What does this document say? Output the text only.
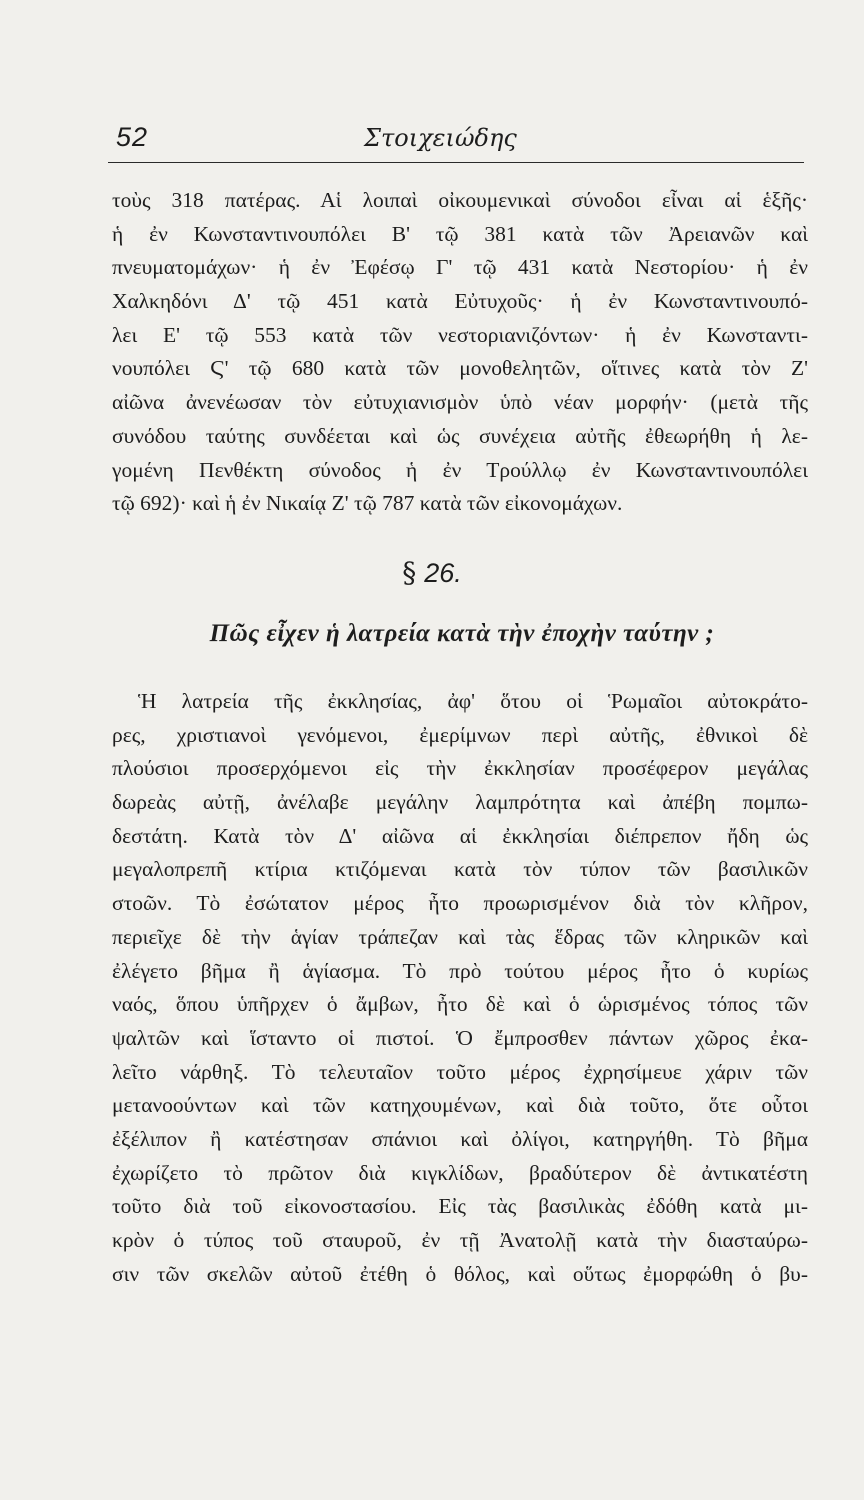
52	Στοιχειώδης
τοὺς 318 πατέρας. Αἱ λοιπαὶ οἰκουμενικαὶ σύνοδοι εἶναι αἱ ἑξῆς·
ἡ ἐν Κωνσταντινουπόλει Β' τῷ 381 κατὰ τῶν Ἀρειανῶν καὶ
πνευματομάχων· ἡ ἐν Ἐφέσῳ Γ' τῷ 431 κατὰ Νεστορίου· ἡ ἐν
Χαλκηδόνι Δ' τῷ 451 κατὰ Εὐτυχοῦς· ἡ ἐν Κωνσταντινουπό-
λει Ε' τῷ 553 κατὰ τῶν νεστοριανιζόντων· ἡ ἐν Κωνσταντι-
νουπόλει Ϛ' τῷ 680 κατὰ τῶν μονοθελητῶν, οἵτινες κατὰ τὸν Ζ'
αἰῶνα ἀνενέωσαν τὸν εὐτυχιανισμὸν ὑπὸ νέαν μορφήν· (μετὰ τῆς
συνόδου ταύτης συνδέεται καὶ ὡς συνέχεια αὐτῆς ἐθεωρήθη ἡ λε-
γομένη Πενθέκτη σύνοδος ἡ ἐν Τρούλλῳ ἐν Κωνσταντινουπόλει
τῷ 692)· καὶ ἡ ἐν Νικαίᾳ Ζ' τῷ 787 κατὰ τῶν εἰκονομάχων.
§ 26.
Πῶς εἶχεν ἡ λατρεία κατὰ τὴν ἐποχὴν ταύτην ;
Ἡ λατρεία τῆς ἐκκλησίας, ἀφ' ὅτου οἱ Ῥωμαῖοι αὐτοκράτο-
ρες, χριστιανοὶ γενόμενοι, ἐμερίμνων περὶ αὐτῆς, ἐθνικοὶ δὲ
πλούσιοι προσερχόμενοι εἰς τὴν ἐκκλησίαν προσέφερον μεγάλας
δωρεὰς αὐτῇ, ἀνέλαβε μεγάλην λαμπρότητα καὶ ἀπέβη πομπω-
δεστάτη. Κατὰ τὸν Δ' αἰῶνα αἱ ἐκκλησίαι διέπρεπον ἤδη ὡς
μεγαλοπρεπῆ κτίρια κτιζόμεναι κατὰ τὸν τύπον τῶν βασιλικῶν
στοῶν. Τὸ ἐσώτατον μέρος ἦτο προωρισμένον διὰ τὸν κλῆρον,
περιεῖχε δὲ τὴν ἁγίαν τράπεζαν καὶ τὰς ἕδρας τῶν κληρικῶν καὶ
ἐλέγετο βῆμα ἢ ἁγίασμα. Τὸ πρὸ τούτου μέρος ἦτο ὁ κυρίως
ναός, ὅπου ὑπῆρχεν ὁ ἄμβων, ἦτο δὲ καὶ ὁ ὡρισμένος τόπος τῶν
ψαλτῶν καὶ ἵσταντο οἱ πιστοί. Ὁ ἔμπροσθεν πάντων χῶρος ἐκα-
λεῖτο νάρθηξ. Τὸ τελευταῖον τοῦτο μέρος ἐχρησίμευε χάριν τῶν
μετανοούντων καὶ τῶν κατηχουμένων, καὶ διὰ τοῦτο, ὅτε οὗτοι
ἐξέλιπον ἢ κατέστησαν σπάνιοι καὶ ὀλίγοι, κατηργήθη. Τὸ βῆμα
ἐχωρίζετο τὸ πρῶτον διὰ κιγκλίδων, βραδύτερον δὲ ἀντικατέστη
τοῦτο διὰ τοῦ εἰκονοστασίου. Εἰς τὰς βασιλικὰς ἐδόθη κατὰ μι-
κρὸν ὁ τύπος τοῦ σταυροῦ, ἐν τῇ Ἀνατολῇ κατὰ τὴν διασταύρω-
σιν τῶν σκελῶν αὐτοῦ ἐτέθη ὁ θόλος, καὶ οὕτως ἐμορφώθη ὁ βυ-
